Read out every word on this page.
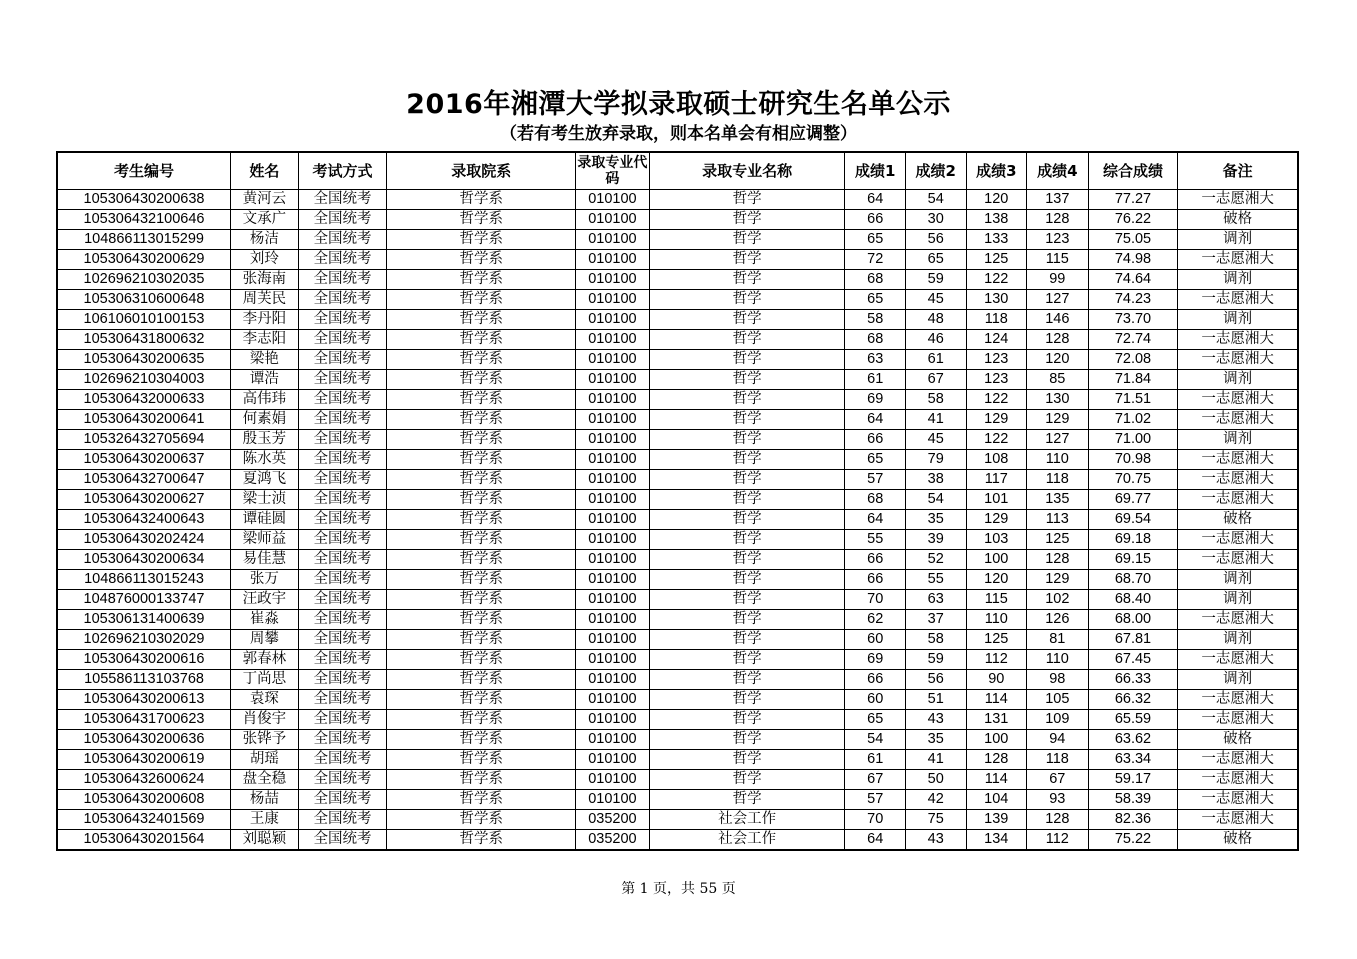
2016年湘潭大学拟录取硕士研究生名单公示
（若有考生放弃录取，则本名单会有相应调整）
考生编号	姓名	考试方式	录取院系	录取专业代码	录取专业名称	成绩1	成绩2	成绩3	成绩4	综合成绩	备注
105306430200638	黄河云	全国统考	哲学系	010100	哲学	64	54	120	137	77.27	一志愿湘大
105306432100646	文承广	全国统考	哲学系	010100	哲学	66	30	138	128	76.22	破格
104866113015299	杨洁	全国统考	哲学系	010100	哲学	65	56	133	123	75.05	调剂
105306430200629	刘玲	全国统考	哲学系	010100	哲学	72	65	125	115	74.98	一志愿湘大
102696210302035	张海南	全国统考	哲学系	010100	哲学	68	59	122	99	74.64	调剂
105306310600648	周芙民	全国统考	哲学系	010100	哲学	65	45	130	127	74.23	一志愿湘大
106106010100153	李丹阳	全国统考	哲学系	010100	哲学	58	48	118	146	73.70	调剂
105306431800632	李志阳	全国统考	哲学系	010100	哲学	68	46	124	128	72.74	一志愿湘大
105306430200635	梁艳	全国统考	哲学系	010100	哲学	63	61	123	120	72.08	一志愿湘大
102696210304003	谭浩	全国统考	哲学系	010100	哲学	61	67	123	85	71.84	调剂
105306432000633	高伟玮	全国统考	哲学系	010100	哲学	69	58	122	130	71.51	一志愿湘大
105306430200641	何素娟	全国统考	哲学系	010100	哲学	64	41	129	129	71.02	一志愿湘大
105326432705694	殷玉芳	全国统考	哲学系	010100	哲学	66	45	122	127	71.00	调剂
105306430200637	陈水英	全国统考	哲学系	010100	哲学	65	79	108	110	70.98	一志愿湘大
105306432700647	夏鸿飞	全国统考	哲学系	010100	哲学	57	38	117	118	70.75	一志愿湘大
105306430200627	梁士浈	全国统考	哲学系	010100	哲学	68	54	101	135	69.77	一志愿湘大
105306432400643	谭硅圆	全国统考	哲学系	010100	哲学	64	35	129	113	69.54	破格
105306430202424	梁师益	全国统考	哲学系	010100	哲学	55	39	103	125	69.18	一志愿湘大
105306430200634	易佳慧	全国统考	哲学系	010100	哲学	66	52	100	128	69.15	一志愿湘大
104866113015243	张万	全国统考	哲学系	010100	哲学	66	55	120	129	68.70	调剂
104876000133747	汪政宇	全国统考	哲学系	010100	哲学	70	63	115	102	68.40	调剂
105306131400639	崔淼	全国统考	哲学系	010100	哲学	62	37	110	126	68.00	一志愿湘大
102696210302029	周攀	全国统考	哲学系	010100	哲学	60	58	125	81	67.81	调剂
105306430200616	郭春林	全国统考	哲学系	010100	哲学	69	59	112	110	67.45	一志愿湘大
105586113103768	丁尚思	全国统考	哲学系	010100	哲学	66	56	90	98	66.33	调剂
105306430200613	袁琛	全国统考	哲学系	010100	哲学	60	51	114	105	66.32	一志愿湘大
105306431700623	肖俊宇	全国统考	哲学系	010100	哲学	65	43	131	109	65.59	一志愿湘大
105306430200636	张铧予	全国统考	哲学系	010100	哲学	54	35	100	94	63.62	破格
105306430200619	胡瑶	全国统考	哲学系	010100	哲学	61	41	128	118	63.34	一志愿湘大
105306432600624	盘全稳	全国统考	哲学系	010100	哲学	67	50	114	67	59.17	一志愿湘大
105306430200608	杨喆	全国统考	哲学系	010100	哲学	57	42	104	93	58.39	一志愿湘大
105306432401569	王康	全国统考	哲学系	035200	社会工作	70	75	139	128	82.36	一志愿湘大
105306430201564	刘聪颖	全国统考	哲学系	035200	社会工作	64	43	134	112	75.22	破格
第 1 页，共 55 页
